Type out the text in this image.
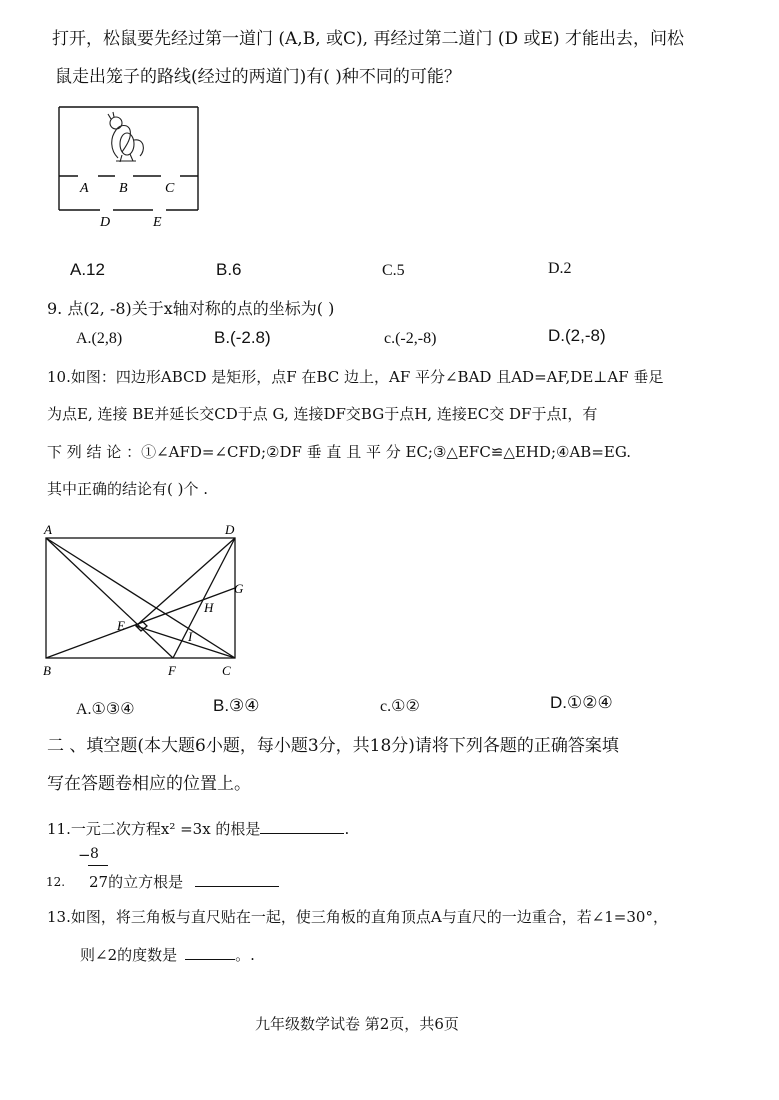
打开，松鼠要先经过第一道门 (A,B, 或C), 再经过第二道门 (D 或E) 才能出去，问松
鼠走出笼子的路线(经过的两道门)有( )种不同的可能？
A B	C
D	E
A.12	B.6	C.5	D.2
9. 点(2, -8)关于x轴对称的点的坐标为( )
A.(2,8)	B.(-2.8)	c.(-2,-8)	D.(2,-8)
10.如图：四边形ABCD 是矩形，点F 在BC 边上，AF 平分∠BAD 且AD=AF,DE⊥AF 垂足
为点E, 连接 BE并延长交CD于点 G, 连接DF交BG于点H, 连接EC交 DF于点I，有
下 列 结 论 ：①∠AFD=∠CFD;②DF 垂 直 且 平 分 EC;③△EFC≌△EHD;④AB=EG.
其中正确的结论有( )个 .
A	D
G
H
E
I
B	F	C
A.①③④	B.③④	c.①②	D.①②④
二 、填空题(本大题6小题，每小题3分，共18分)请将下列各题的正确答案填
写在答题卷相应的位置上。
11.一元二次方程x² =3x 的根是	.
− 8
12. 27的立方根是
13.如图，将三角板与直尺贴在一起，使三角板的直角顶点A与直尺的一边重合，若∠1=30°，
则∠2的度数是	。.
九年级数学试卷 第2页，共6页
